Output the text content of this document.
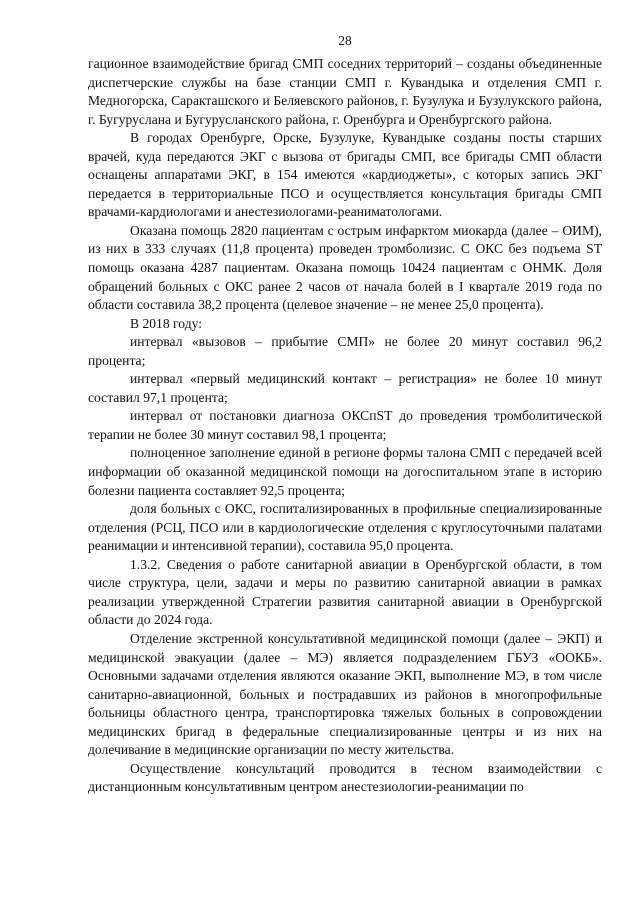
28

гационное взаимодействие бригад СМП соседних территорий – созданы объединенные диспетчерские службы на базе станции СМП г. Кувандыка и отделения СМП г. Медногорска, Саракташского и Беляевского районов, г. Бузулука и Бузулукского района, г. Бугуруслана и Бугурусланского района, г. Оренбурга и Оренбургского района.

В городах Оренбурге, Орске, Бузулуке, Кувандыке созданы посты старших врачей, куда передаются ЭКГ с вызова от бригады СМП, все бригады СМП области оснащены аппаратами ЭКГ, в 154 имеются «кардиоджеты», с которых запись ЭКГ передается в территориальные ПСО и осуществляется консультация бригады СМП врачами-кардиологами и анестезиологами-реаниматологами.

Оказана помощь 2820 пациентам с острым инфарктом миокарда (далее – ОИМ), из них в 333 случаях (11,8 процента) проведен тромболизис. С ОКС без подъема ST помощь оказана 4287 пациентам. Оказана помощь 10424 пациентам с ОНМК. Доля обращений больных с ОКС ранее 2 часов от начала болей в I квартале 2019 года по области составила 38,2 процента (целевое значение – не менее 25,0 процента).

В 2018 году:

интервал «вызовов – прибытие СМП» не более 20 минут составил 96,2 процента;

интервал «первый медицинский контакт – регистрация» не более 10 минут составил 97,1 процента;

интервал от постановки диагноза ОКСпST до проведения тромболитической терапии не более 30 минут составил 98,1 процента;

полноценное заполнение единой в регионе формы талона СМП с передачей всей информации об оказанной медицинской помощи на догоспитальном этапе в историю болезни пациента составляет 92,5 процента;

доля больных с ОКС, госпитализированных в профильные специализированные отделения (РСЦ, ПСО или в кардиологические отделения с круглосуточными палатами реанимации и интенсивной терапии), составила 95,0 процента.

1.3.2. Сведения о работе санитарной авиации в Оренбургской области, в том числе структура, цели, задачи и меры по развитию санитарной авиации в рамках реализации утвержденной Стратегии развития санитарной авиации в Оренбургской области до 2024 года.

Отделение экстренной консультативной медицинской помощи (далее – ЭКП) и медицинской эвакуации (далее – МЭ) является подразделением ГБУЗ «ООКБ». Основными задачами отделения являются оказание ЭКП, выполнение МЭ, в том числе санитарно-авиационной, больных и пострадавших из районов в многопрофильные больницы областного центра, транспортировка тяжелых больных в сопровождении медицинских бригад в федеральные специализированные центры и из них на долечивание в медицинские организации по месту жительства.

Осуществление консультаций проводится в тесном взаимодействии с дистанционным консультативным центром анестезиологии-реанимации по
